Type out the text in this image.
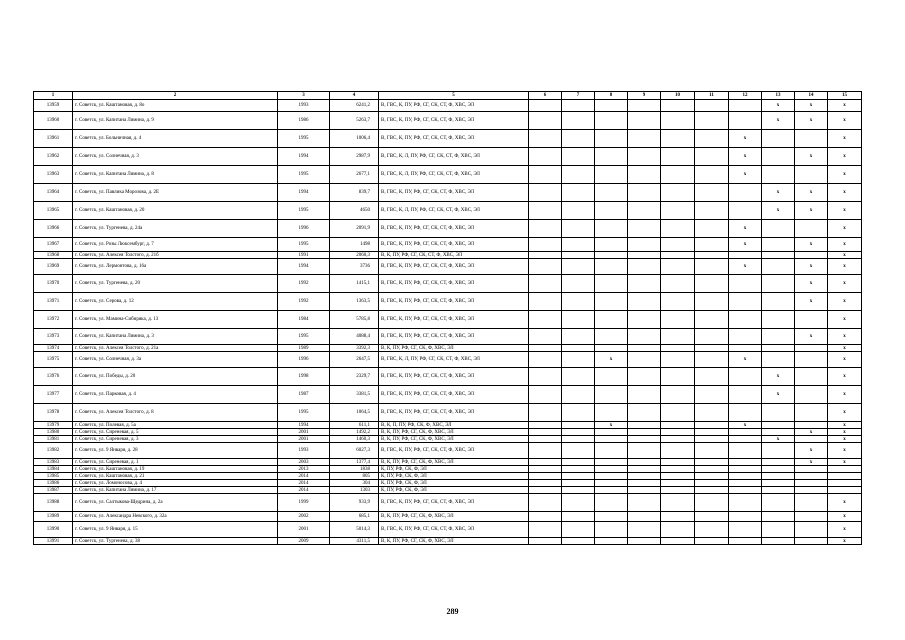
1	2	3	4	5	6	7	8	9	10	11	12	13	14	15
13959	г. Советск, ул. Каштановая, д. 8о	1993	6241,2	В, ГВС, К, ПУ, РФ, СГ, СК, СТ, Ф, ХВС, ЭЛ								x	x	x
13960	г. Советск, ул. Капитана Лямина, д. 9	1986	5263,7	В, ГВС, К, ПУ, РФ, СГ, СК, СТ, Ф, ХВС, ЭЛ								x	x	x
13961	г. Советск, ул. Больничная, д. 4	1995	1006,4	В, ГВС, К, ПУ, РФ, СГ, СК, СТ, Ф, ХВС, ЭЛ							x			x
13962	г. Советск, ул. Солнечная, д. 3	1994	2987,9	В, ГВС, К, Л, ПУ, РФ, СГ, СК, СТ, Ф, ХВС, ЭЛ							x		x	x
13963	г. Советск, ул. Капитана Лямина, д. 8	1995	2677,1	В, ГВС, К, Л, ПУ, РФ, СГ, СК, СТ, Ф, ХВС, ЭЛ							x			x
13964	г. Советск, ул. Павлика Морозова, д. 2Е	1994	839,7	В, ГВС, К, ПУ, РФ, СГ, СК, СТ, Ф, ХВС, ЭЛ								x	x	x
13965	г. Советск, ул. Каштановая, д. 20	1995	4650	В, ГВС, К, Л, ПУ, РФ, СГ, СК, СТ, Ф, ХВС, ЭЛ								x	x	x
13966	г. Советск, ул. Тургенева, д. 24а	1996	2091,9	В, ГВС, К, ПУ, РФ, СГ, СК, СТ, Ф, ХВС, ЭЛ							x			x
13967	г. Советск, ул. Розы Люксембург, д. 7	1995	1498	В, ГВС, К, ПУ, РФ, СГ, СК, СТ, Ф, ХВС, ЭЛ							x		x	x
13968	г. Советск, ул. Алексея Толстого, д. 21б	1991	2060,3	В, К, ПУ, РФ, СГ, СК, СТ, Ф, ХВС, ЭЛ										x
13969	г. Советск, ул. Лермонтова, д. 16а	1994	3736	В, ГВС, К, ПУ, РФ, СГ, СК, СТ, Ф, ХВС, ЭЛ							x		x	x
13970	г. Советск, ул. Тургенева, д. 20	1992	1415,1	В, ГВС, К, ПУ, РФ, СГ, СК, СТ, Ф, ХВС, ЭЛ									x	x
13971	г. Советск, ул. Серова, д. 12	1992	1363,5	В, ГВС, К, ПУ, РФ, СГ, СК, СТ, Ф, ХВС, ЭЛ									x	x
13972	г. Советск, ул. Мамина-Сибиряка, д. 13	1984	5785,8	В, ГВС, К, ПУ, РФ, СГ, СК, СТ, Ф, ХВС, ЭЛ										x
13973	г. Советск, ул. Капитана Лямина, д. 3	1995	4088,4	В, ГВС, К, ПУ, РФ, СГ, СК, СТ, Ф, ХВС, ЭЛ									x	x
13974	г. Советск, ул. Алексея Толстого, д. 21а	1989	3392,3	В, К, ПУ, РФ, СГ, СК, Ф, ХВС, ЭЛ										x
13975	г. Советск, ул. Солнечная, д. 3а	1996	2647,5	В, ГВС, К, Л, ПУ, РФ, СГ, СК, СТ, Ф, ХВС, ЭЛ			x				x			x
13976	г. Советск, ул. Победы, д. 20	1998	2329,7	В, ГВС, К, ПУ, РФ, СГ, СК, СТ, Ф, ХВС, ЭЛ								x		x
13977	г. Советск, ул. Парковая, д. 4	1987	3381,5	В, ГВС, К, ПУ, РФ, СГ, СК, СТ, Ф, ХВС, ЭЛ								x		x
13978	г. Советск, ул. Алексея Толстого, д. 8	1995	1064,5	В, ГВС, К, ПУ, РФ, СГ, СК, СТ, Ф, ХВС, ЭЛ										x
13979	г. Советск, ул. Полевая, д. 5а	1994	611,1	В, К, П, ПУ, РФ, СК, Ф, ХВС, ЭЛ			x				x			x
13980	г. Советск, ул. Сиреневая, д. 5	2001	1492,2	В, К, ПУ, РФ, СГ, СК, Ф, ХВС, ЭЛ									x	x
13981	г. Советск, ул. Сиреневая, д. 3	2001	1460,3	В, К, ПУ, РФ, СГ, СК, Ф, ХВС, ЭЛ								x		x
13982	г. Советск, ул. 9 Января, д. 28	1993	6027,3	В, ГВС, К, ПУ, РФ, СГ, СК, СТ, Ф, ХВС, ЭЛ									x	x
13983	г. Советск, ул. Сиреневая, д. 1	2003	1377,4	В, К, ПУ, РФ, СГ, СК, Ф, ХВС, ЭЛ									x	x
13984	г. Советск, ул. Каштановая, д. 19	2013	1838	К, ПУ, РФ, СК, Ф, ЭЛ										
13985	г. Советск, ул. Каштановая, д. 21	2014	805	К, ПУ, РФ, СК, Ф, ЭЛ										
13986	г. Советск, ул. Ломоносова, д. 4	2014	304	К, ПУ, РФ, СК, Ф, ЭЛ										
13987	г. Советск, ул. Капитана Лямина, д. 17	2014	1303	К, ПУ, РФ, СК, Ф, ЭЛ										
13988	г. Советск, ул. Салтыкова-Щедрина, д. 2а	1999	933,9	В, ГВС, К, ПУ, РФ, СГ, СК, СТ, Ф, ХВС, ЭЛ										x
13989	г. Советск, ул. Александра Невского, д. 32а	2002	685,1	В, К, ПУ, РФ, СГ, СК, Ф, ХВС, ЭЛ										x
13990	г. Советск, ул. 9 Января, д. 15	2001	5014,3	В, ГВС, К, ПУ, РФ, СГ, СК, СТ, Ф, ХВС, ЭЛ										x
13991	г. Советск, ул. Тургенева, д. 38	2009	4311,5	В, К, ПУ, РФ, СГ, СК, Ф, ХВС, ЭЛ										x
289
